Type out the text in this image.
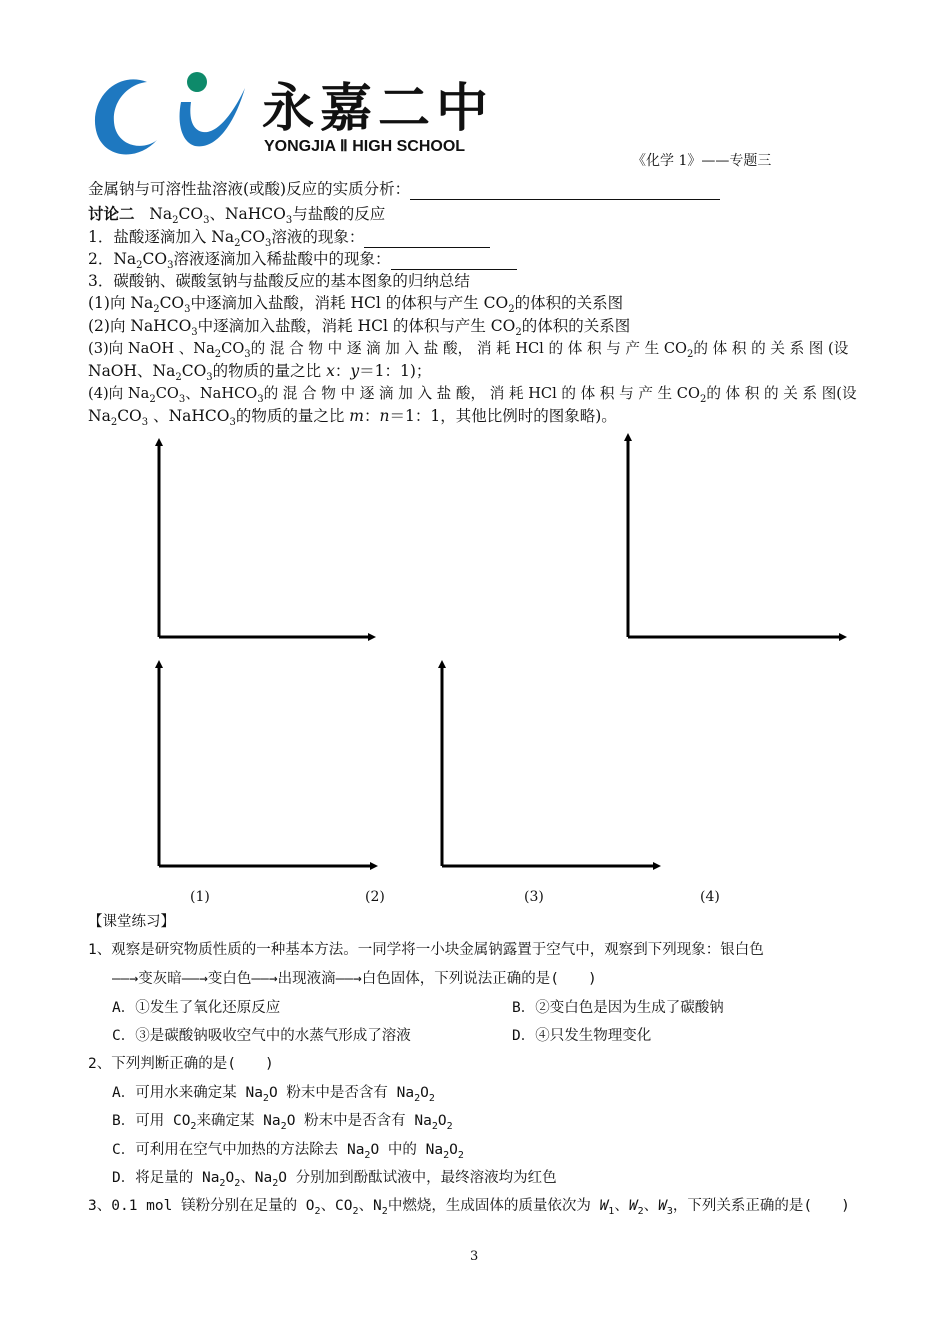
永嘉二中
YONGJIA Ⅱ HIGH SCHOOL
《化学 1》——专题三
金属钠与可溶性盐溶液(或酸)反应的实质分析：
讨论二 $Na_2CO_3$、NaHCO$_3$与盐酸的反应
1．盐酸逐滴加入 $Na_2CO_3$溶液的现象：
2．$Na_2CO_3$溶液逐滴加入稀盐酸中的现象：
3．碳酸钠、碳酸氢钠与盐酸反应的基本图象的归纳总结
(1)向 $Na_2CO_3$中逐滴加入盐酸，消耗 HCl 的体积与产生 $CO_2$的体积的关系图
(2)向 NaHCO$_3$中逐滴加入盐酸，消耗 HCl 的体积与产生 $CO_2$的体积的关系图
(3)向 NaOH 、$Na_2CO_3$的 混 合 物 中 逐 滴 加 入 盐 酸， 消 耗 HCl 的 体 积 与 产 生 $CO_2$的 体 积 的 关 系 图 (设
NaOH、$Na_2CO_3$的物质的量之比 x：y＝1：1)；
(4)向 $Na_2CO_3$、NaHCO$_3$的 混 合 物 中 逐 滴 加 入 盐 酸， 消 耗 HCl 的 体 积 与 产 生 $CO_2$的 体 积 的 关 系 图(设
$Na_2CO_3$ 、NaHCO$_3$的物质的量之比 m：n＝1：1，其他比例时的图象略)。
(1)	(2)	(3)	(4)
【课堂练习】
1、观察是研究物质性质的一种基本方法。一同学将一小块金属钠露置于空气中，观察到下列现象：银白色
——→变灰暗——→变白色——→出现液滴——→白色固体，下列说法正确的是(　　)
A．①发生了氧化还原反应	B．②变白色是因为生成了碳酸钠
C．③是碳酸钠吸收空气中的水蒸气形成了溶液	D．④只发生物理变化
2、下列判断正确的是(　　)
A．可用水来确定某 $Na_2O$ 粉末中是否含有 $Na_2O_2$
B．可用 $CO_2$来确定某 $Na_2O$ 粉末中是否含有 $Na_2O_2$
C．可利用在空气中加热的方法除去 $Na_2O$ 中的 $Na_2O_2$
D．将足量的 $Na_2O_2$、$Na_2O$ 分别加到酚酞试液中，最终溶液均为红色
3、0.1 mol 镁粉分别在足量的 $O_2$、$CO_2$、$N_2$中燃烧，生成固体的质量依次为 $W_1$、$W_2$、$W_3$，下列关系正确的是(　　)
3
